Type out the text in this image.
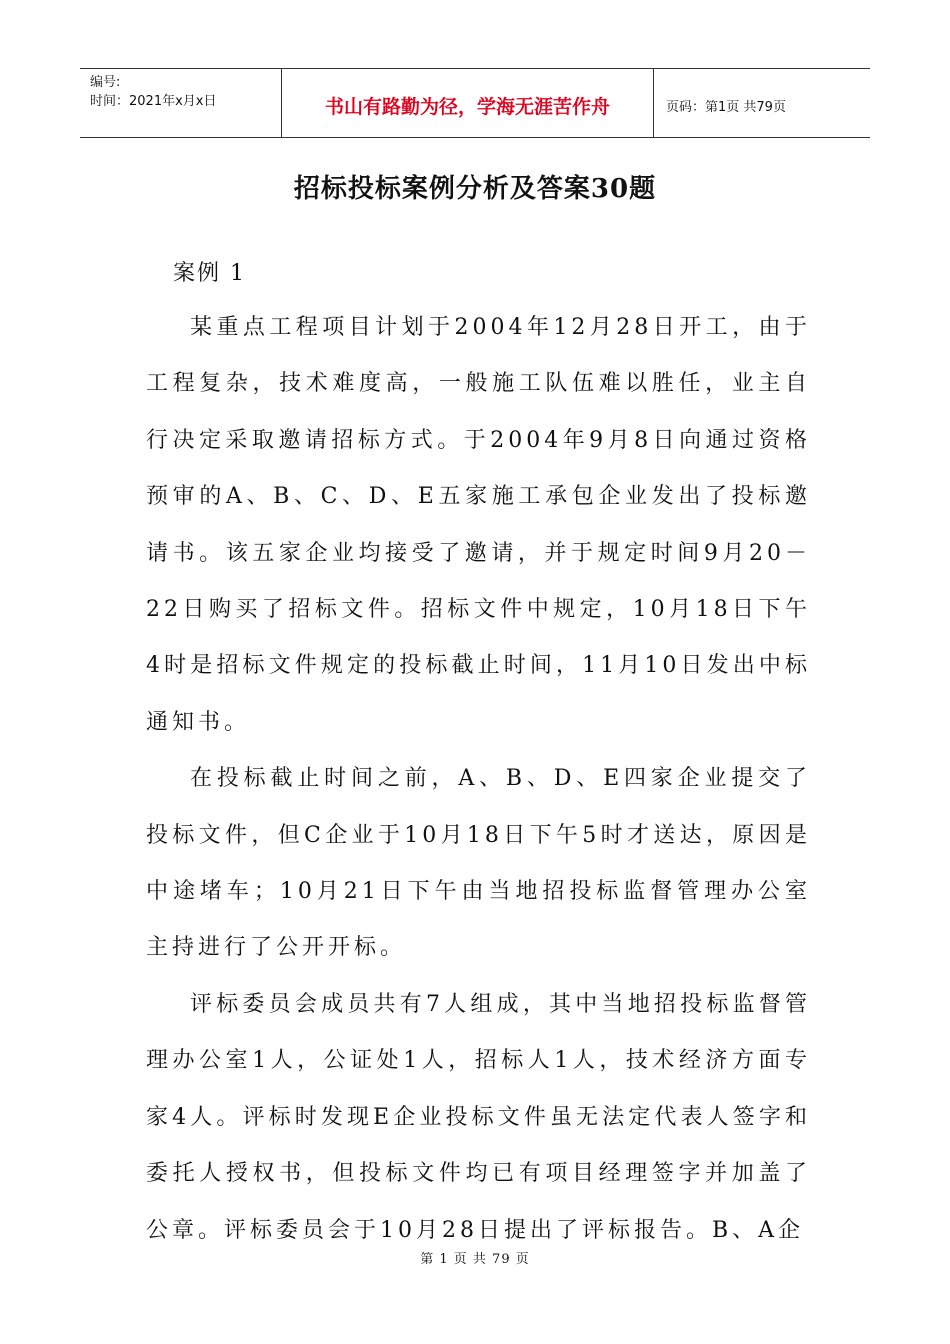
编号:
时间：2021年x月x日	书山有路勤为径，学海无涯苦作舟	页码：第1页 共79页
招标投标案例分析及答案30题
案例 1

某重点工程项目计划于2004年12月28日开工，由于工程复杂，技术难度高，一般施工队伍难以胜任，业主自行决定采取邀请招标方式。于2004年9月8日向通过资格预审的A、B、C、D、E五家施工承包企业发出了投标邀请书。该五家企业均接受了邀请，并于规定时间9月20－22日购买了招标文件。招标文件中规定，10月18日下午4时是招标文件规定的投标截止时间，11月10日发出中标通知书。

在投标截止时间之前，A、B、D、E四家企业提交了投标文件，但C企业于10月18日下午5时才送达，原因是中途堵车；10月21日下午由当地招投标监督管理办公室主持进行了公开开标。

评标委员会成员共有7人组成，其中当地招投标监督管理办公室1人，公证处1人，招标人1人，技术经济方面专家4人。评标时发现E企业投标文件虽无法定代表人签字和委托人授权书，但投标文件均已有项目经理签字并加盖了公章。评标委员会于10月28日提出了评标报告。B、A企

第 1 页 共 79 页
